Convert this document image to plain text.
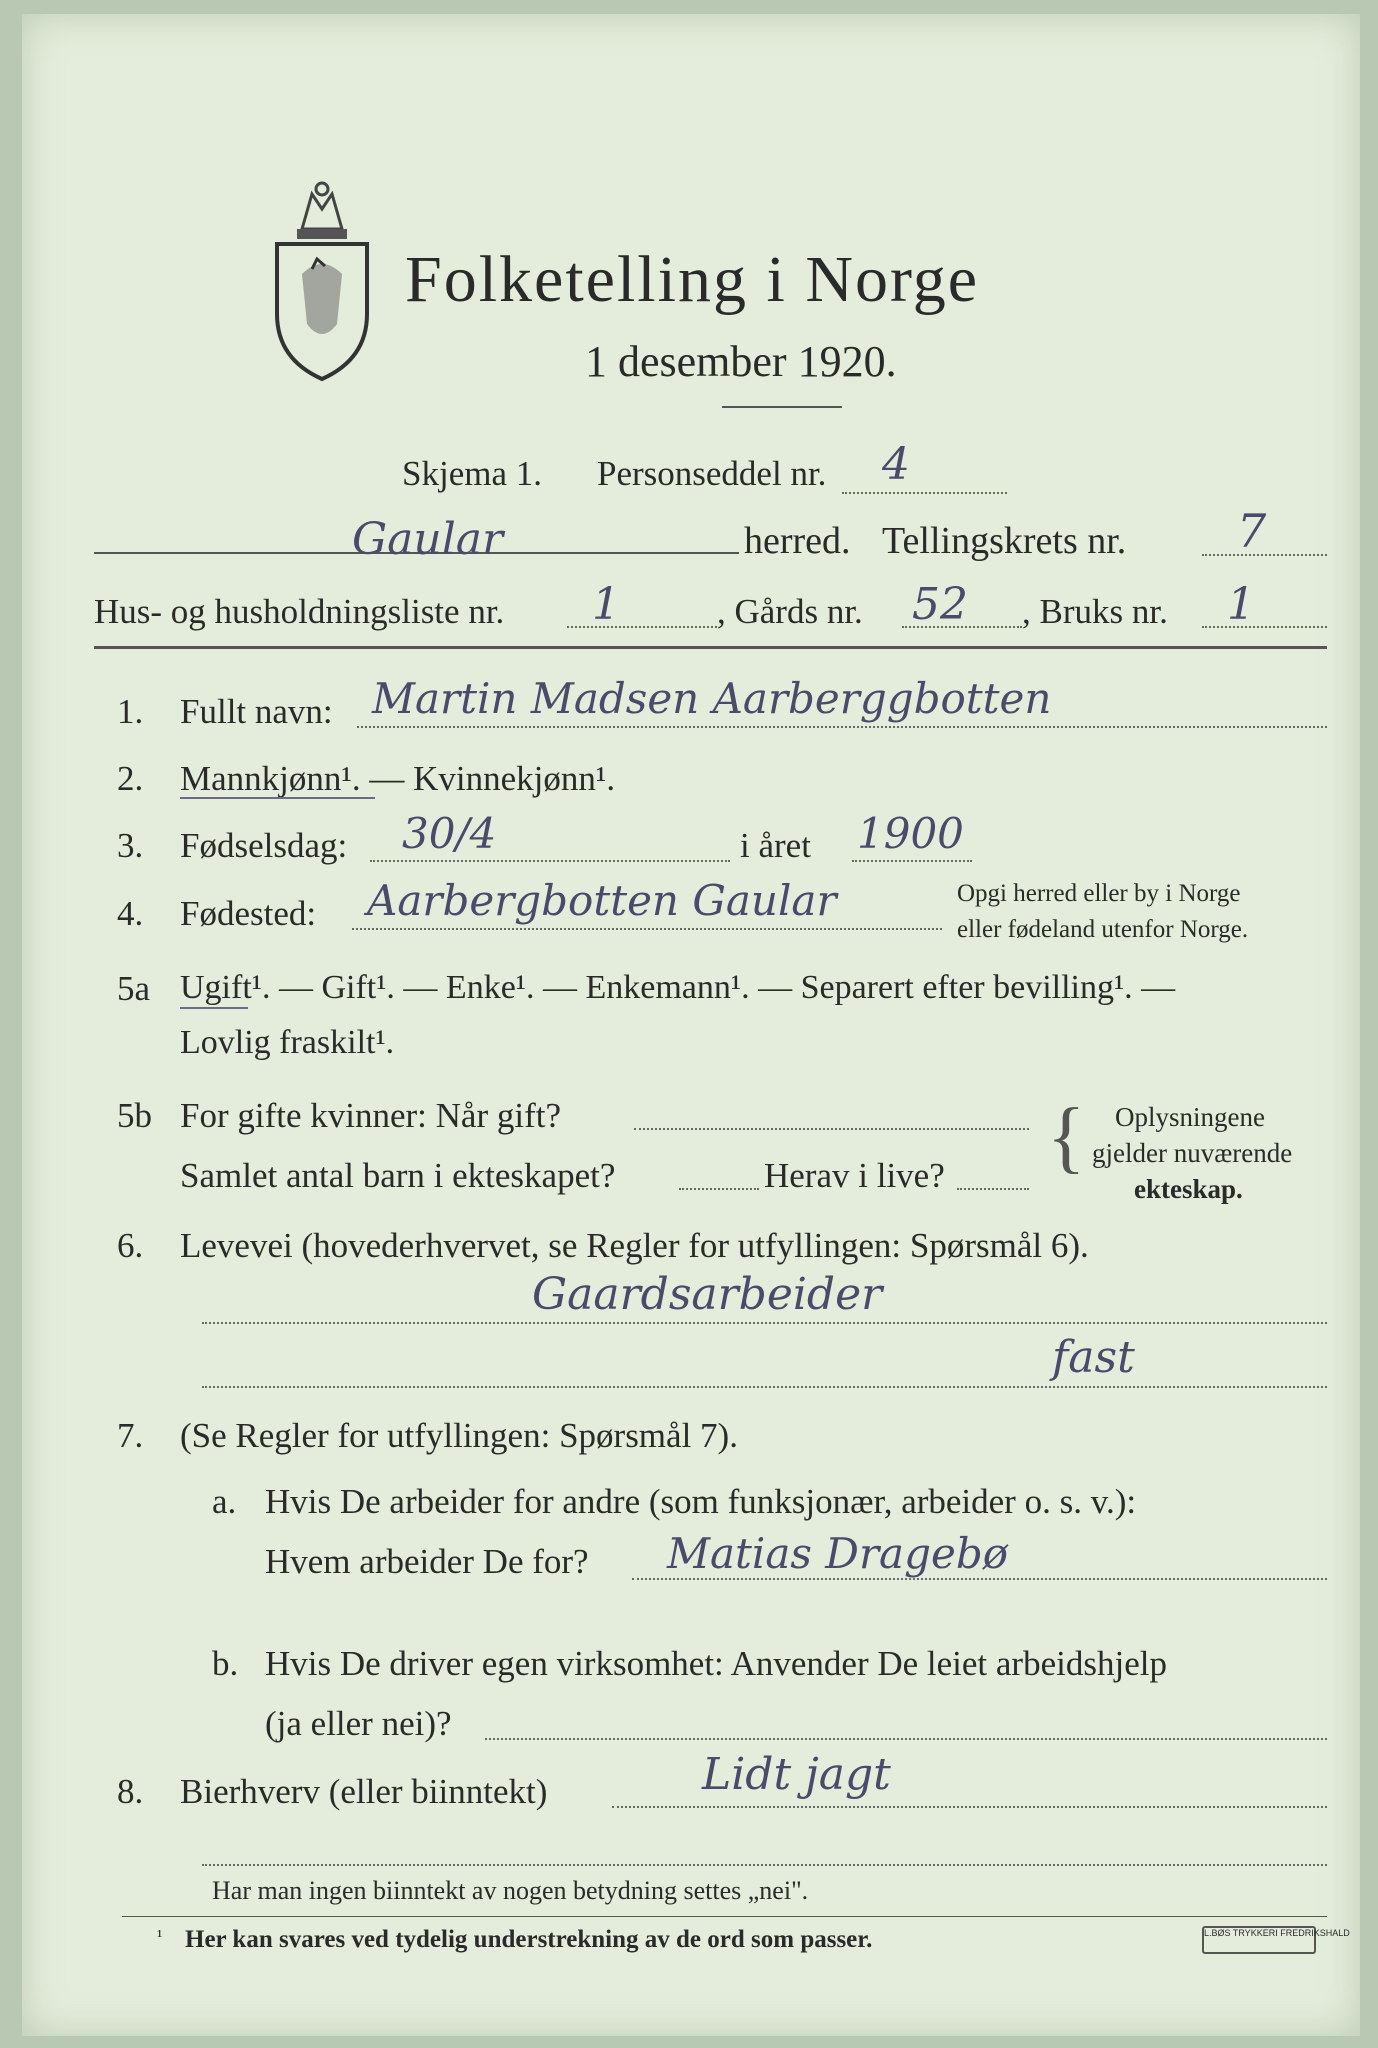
Folketelling i Norge
1 desember 1920.
Skjema 1. Personseddel nr. 4
Gaular	herred. Tellingskrets nr. 7
Hus- og husholdningsliste nr. 1	, Gårds nr. 52 , Bruks nr. 1
1. Fullt navn: Martin Madsen Aarberggbotten
2. Mannkjønn¹. — Kvinnekjønn¹.
3. Fødselsdag: 30/4	i året 1900
4. Fødested: Aarbergbotten Gaular	Opgi herred eller by i Norge
eller fødeland utenfor Norge.
5a Ugift¹. — Gift¹. — Enke¹. — Enkemann¹. — Separert efter bevilling¹. —
Lovlig fraskilt¹.
5b For gifte kvinner: Når gift?
Samlet antal barn i ekteskapet?	Herav i live? { Oplysningene
gjelder nuværende
ekteskap.
6. Levevei (hovederhvervet, se Regler for utfyllingen: Spørsmål 6).
Gaardsarbeider
fast
7. (Se Regler for utfyllingen: Spørsmål 7).
a. Hvis De arbeider for andre (som funksjonær, arbeider o. s. v.):
Hvem arbeider De for? Matias Dragebø
b. Hvis De driver egen virksomhet: Anvender De leiet arbeidshjelp
(ja eller nei)?
8. Bierhverv (eller biinntekt)	Lidt jagt
Har man ingen biinntekt av nogen betydning settes „nei".
¹ Her kan svares ved tydelig understrekning av de ord som passer.	L.BØS TRYKKERI FREDRIKSHALD
